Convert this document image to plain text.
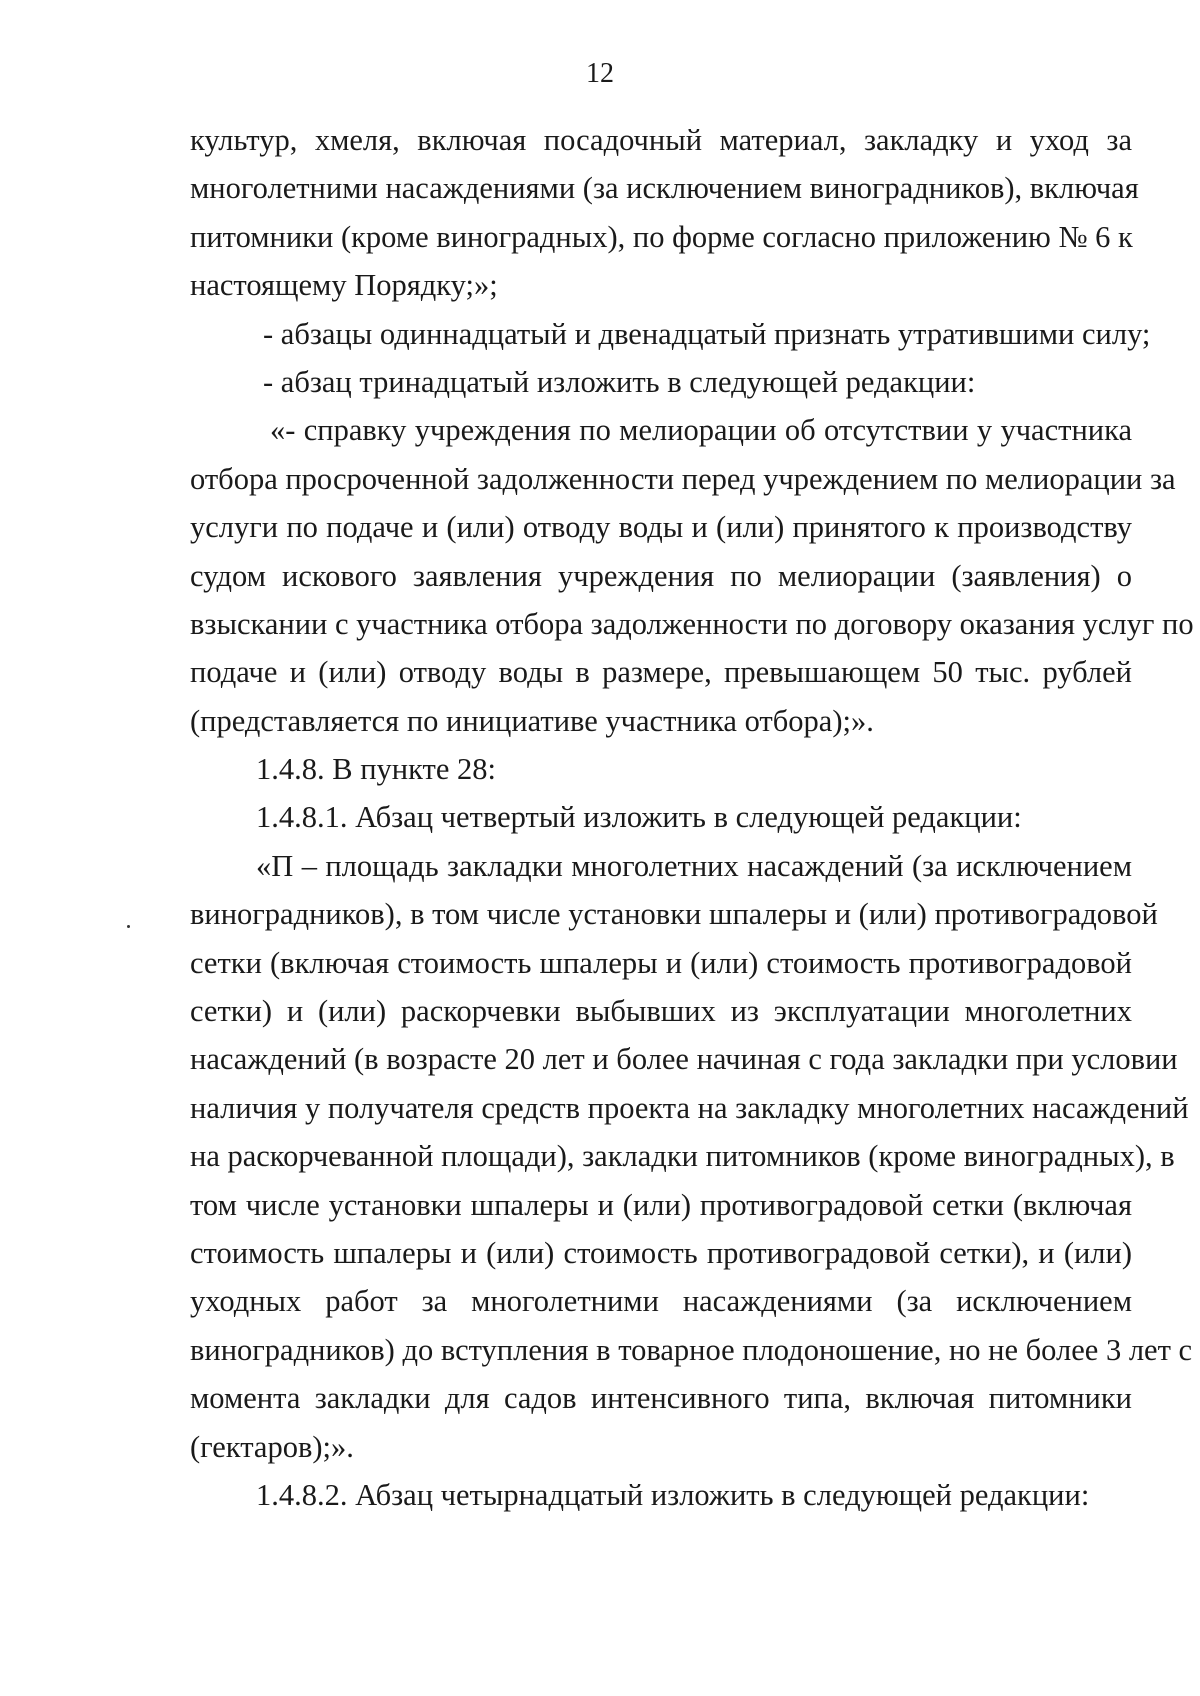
12
культур, хмеля, включая посадочный материал, закладку и уход за
многолетними насаждениями (за исключением виноградников), включая
питомники (кроме виноградных), по форме согласно приложению № 6 к
настоящему Порядку;»;
- абзацы одиннадцатый и двенадцатый признать утратившими силу;
- абзац тринадцатый изложить в следующей редакции:
«- справку учреждения по мелиорации об отсутствии у участника
отбора просроченной задолженности перед учреждением по мелиорации за
услуги по подаче и (или) отводу воды и (или) принятого к производству
судом искового заявления учреждения по мелиорации (заявления) о
взыскании с участника отбора задолженности по договору оказания услуг по
подаче и (или) отводу воды в размере, превышающем 50 тыс. рублей
(представляется по инициативе участника отбора);».
1.4.8. В пункте 28:
1.4.8.1. Абзац четвертый изложить в следующей редакции:
«П – площадь закладки многолетних насаждений (за исключением
виноградников), в том числе установки шпалеры и (или) противоградовой
сетки (включая стоимость шпалеры и (или) стоимость противоградовой
сетки) и (или) раскорчевки выбывших из эксплуатации многолетних
насаждений (в возрасте 20 лет и более начиная с года закладки при условии
наличия у получателя средств проекта на закладку многолетних насаждений
на раскорчеванной площади), закладки питомников (кроме виноградных), в
том числе установки шпалеры и (или) противоградовой сетки (включая
стоимость шпалеры и (или) стоимость противоградовой сетки), и (или)
уходных работ за многолетними насаждениями (за исключением
виноградников) до вступления в товарное плодоношение, но не более 3 лет с
момента закладки для садов интенсивного типа, включая питомники
(гектаров);».
1.4.8.2. Абзац четырнадцатый изложить в следующей редакции:
